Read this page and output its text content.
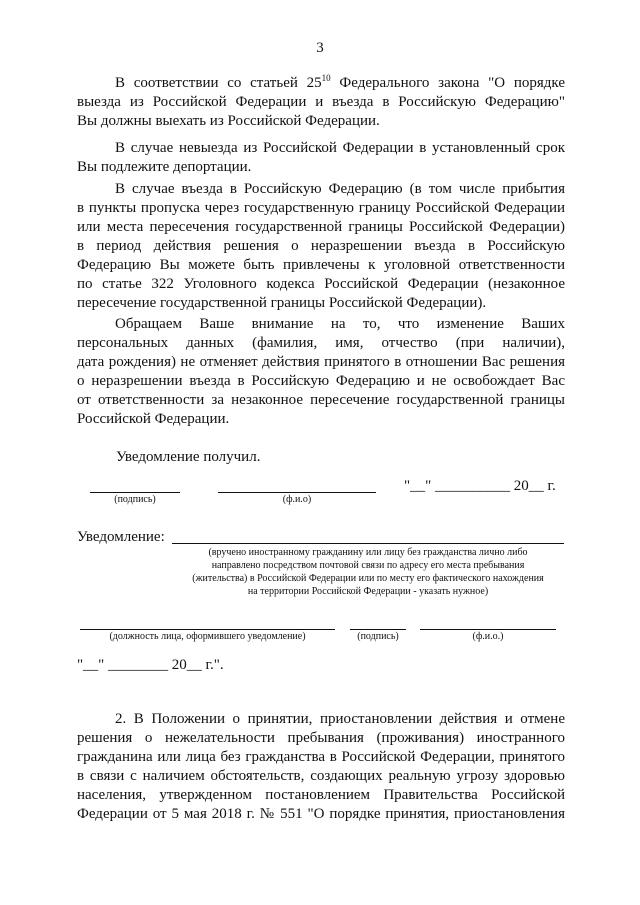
3
В соответствии со статьей $25^{10}$ Федерального закона "О порядке
выезда из Российской Федерации и въезда в Российскую Федерацию"
Вы должны выехать из Российской Федерации.
В случае невыезда из Российской Федерации в установленный срок
Вы подлежите депортации.
В случае въезда в Российскую Федерацию (в том числе прибытия
в пункты пропуска через государственную границу Российской Федерации
или места пересечения государственной границы Российской Федерации)
в период действия решения о неразрешении въезда в Российскую
Федерацию Вы можете быть привлечены к уголовной ответственности
по статье 322 Уголовного кодекса Российской Федерации (незаконное
пересечение государственной границы Российской Федерации).
Обращаем Ваше внимание на то, что изменение Ваших
персональных данных (фамилия, имя, отчество (при наличии),
дата рождения) не отменяет действия принятого в отношении Вас решения
о неразрешении въезда в Российскую Федерацию и не освобождает Вас
от ответственности за незаконное пересечение государственной границы
Российской Федерации.
Уведомление получил.
"__" __________ 20__ г.
(подпись)	(ф.и.о)
Уведомление:
(вручено иностранному гражданину или лицу без гражданства лично либо
направлено посредством почтовой связи по адресу его места пребывания
(жительства) в Российской Федерации или по месту его фактического нахождения
на территории Российской Федерации - указать нужное)
(должность лица, оформившего уведомление)	(подпись)	(ф.и.о.)
"__" ________ 20__ г.".
2. В Положении о принятии, приостановлении действия и отмене
решения о нежелательности пребывания (проживания) иностранного
гражданина или лица без гражданства в Российской Федерации, принятого
в связи с наличием обстоятельств, создающих реальную угрозу здоровью
населения, утвержденном постановлением Правительства Российской
Федерации от 5 мая 2018 г. № 551 "О порядке принятия, приостановления
